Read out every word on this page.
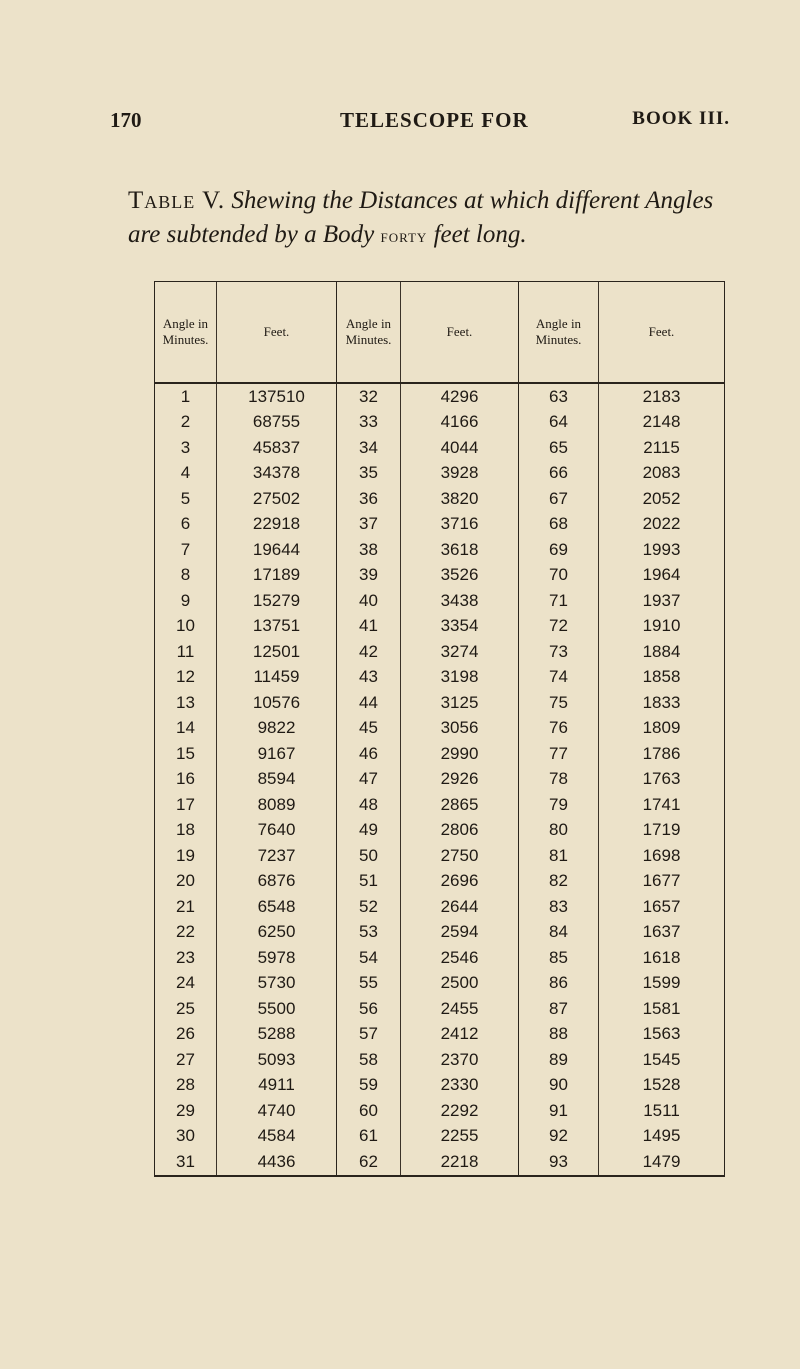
170	TELESCOPE FOR	BOOK III.
Table V. Shewing the Distances at which different Angles are subtended by a Body forty feet long.
Angle in Minutes.	Feet.	Angle in Minutes.	Feet.	Angle in Minutes.	Feet.
1	137510	32	4296	63	2183
2	68755	33	4166	64	2148
3	45837	34	4044	65	2115
4	34378	35	3928	66	2083
5	27502	36	3820	67	2052
6	22918	37	3716	68	2022
7	19644	38	3618	69	1993
8	17189	39	3526	70	1964
9	15279	40	3438	71	1937
10	13751	41	3354	72	1910
11	12501	42	3274	73	1884
12	11459	43	3198	74	1858
13	10576	44	3125	75	1833
14	9822	45	3056	76	1809
15	9167	46	2990	77	1786
16	8594	47	2926	78	1763
17	8089	48	2865	79	1741
18	7640	49	2806	80	1719
19	7237	50	2750	81	1698
20	6876	51	2696	82	1677
21	6548	52	2644	83	1657
22	6250	53	2594	84	1637
23	5978	54	2546	85	1618
24	5730	55	2500	86	1599
25	5500	56	2455	87	1581
26	5288	57	2412	88	1563
27	5093	58	2370	89	1545
28	4911	59	2330	90	1528
29	4740	60	2292	91	1511
30	4584	61	2255	92	1495
31	4436	62	2218	93	1479
